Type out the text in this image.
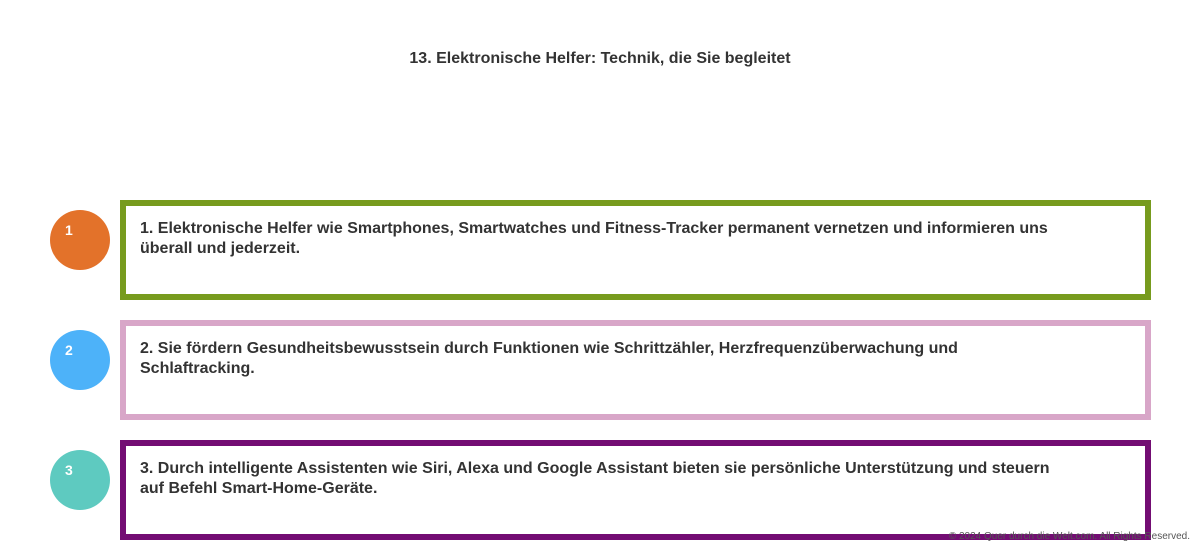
13. Elektronische Helfer: Technik, die Sie begleitet
1	1. Elektronische Helfer wie Smartphones, Smartwatches und Fitness-Tracker permanent vernetzen und informieren uns überall und jederzeit.
2	2. Sie fördern Gesundheitsbewusstsein durch Funktionen wie Schrittzähler, Herzfrequenzüberwachung und Schlaftracking.
3	3. Durch intelligente Assistenten wie Siri, Alexa und Google Assistant bieten sie persönliche Unterstützung und steuern auf Befehl Smart-Home-Geräte.
© 2024 Quer durch die Welt.com. All Rights Reserved.
